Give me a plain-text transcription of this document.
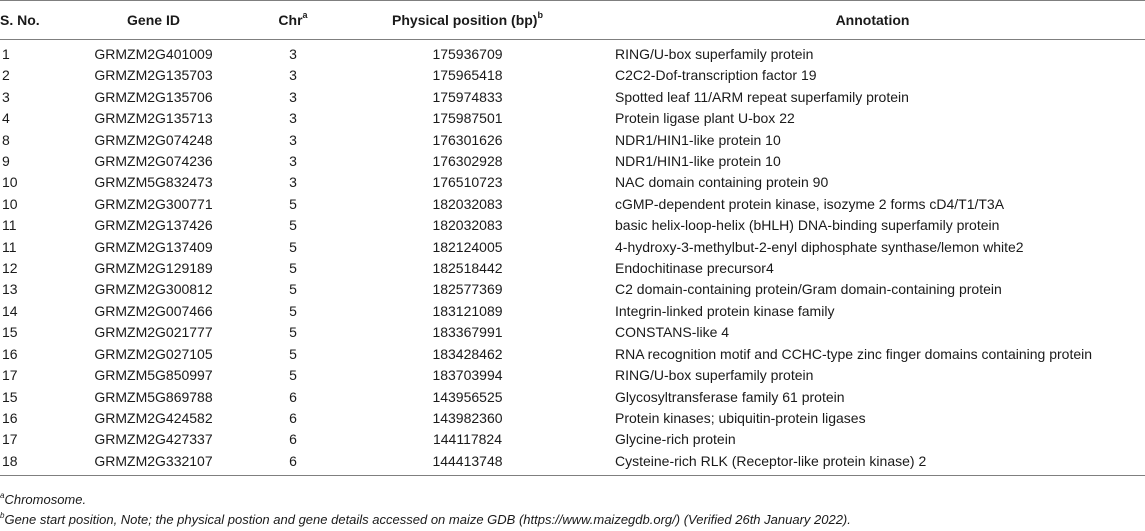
S. No.	Gene ID	Chr$^a$	Physical position (bp)$^b$	Annotation
1	GRMZM2G401009	3	175936709	RING/U-box superfamily protein
2	GRMZM2G135703	3	175965418	C2C2-Dof-transcription factor 19
3	GRMZM2G135706	3	175974833	Spotted leaf 11/ARM repeat superfamily protein
4	GRMZM2G135713	3	175987501	Protein ligase plant U-box 22
8	GRMZM2G074248	3	176301626	NDR1/HIN1-like protein 10
9	GRMZM2G074236	3	176302928	NDR1/HIN1-like protein 10
10	GRMZM5G832473	3	176510723	NAC domain containing protein 90
10	GRMZM2G300771	5	182032083	cGMP-dependent protein kinase, isozyme 2 forms cD4/T1/T3A
11	GRMZM2G137426	5	182032083	basic helix-loop-helix (bHLH) DNA-binding superfamily protein
11	GRMZM2G137409	5	182124005	4-hydroxy-3-methylbut-2-enyl diphosphate synthase/lemon white2
12	GRMZM2G129189	5	182518442	Endochitinase precursor4
13	GRMZM2G300812	5	182577369	C2 domain-containing protein/Gram domain-containing protein
14	GRMZM2G007466	5	183121089	Integrin-linked protein kinase family
15	GRMZM2G021777	5	183367991	CONSTANS-like 4
16	GRMZM2G027105	5	183428462	RNA recognition motif and CCHC-type zinc finger domains containing protein
17	GRMZM5G850997	5	183703994	RING/U-box superfamily protein
15	GRMZM5G869788	6	143956525	Glycosyltransferase family 61 protein
16	GRMZM2G424582	6	143982360	Protein kinases; ubiquitin-protein ligases
17	GRMZM2G427337	6	144117824	Glycine-rich protein
18	GRMZM2G332107	6	144413748	Cysteine-rich RLK (Receptor-like protein kinase) 2
$^a$Chromosome.
$^b$Gene start position, Note; the physical postion and gene details accessed on maize GDB (https://www.maizegdb.org/) (Verified 26th January 2022).
